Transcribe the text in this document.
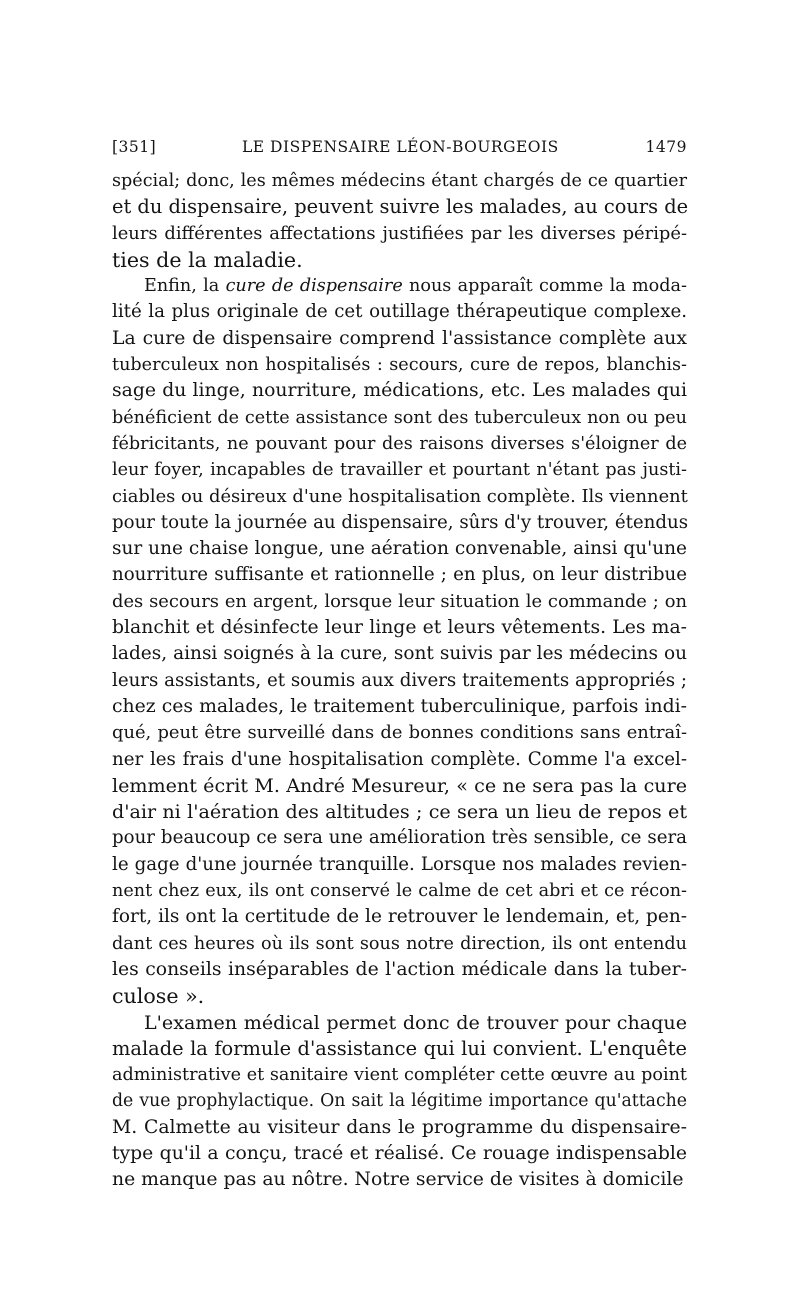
[351]	LE DISPENSAIRE LÉON-BOURGEOIS	1479
spécial; donc, les mêmes médecins étant chargés de ce quartier
et du dispensaire, peuvent suivre les malades, au cours de
leurs différentes affectations justifiées par les diverses péripé-
ties de la maladie.
Enfin, la cure de dispensaire nous apparaît comme la moda-
lité la plus originale de cet outillage thérapeutique complexe.
La cure de dispensaire comprend l'assistance complète aux
tuberculeux non hospitalisés : secours, cure de repos, blanchis-
sage du linge, nourriture, médications, etc. Les malades qui
bénéficient de cette assistance sont des tuberculeux non ou peu
fébricitants, ne pouvant pour des raisons diverses s'éloigner de
leur foyer, incapables de travailler et pourtant n'étant pas justi-
ciables ou désireux d'une hospitalisation complète. Ils viennent
pour toute la journée au dispensaire, sûrs d'y trouver, étendus
sur une chaise longue, une aération convenable, ainsi qu'une
nourriture suffisante et rationnelle ; en plus, on leur distribue
des secours en argent, lorsque leur situation le commande ; on
blanchit et désinfecte leur linge et leurs vêtements. Les ma-
lades, ainsi soignés à la cure, sont suivis par les médecins ou
leurs assistants, et soumis aux divers traitements appropriés ;
chez ces malades, le traitement tuberculinique, parfois indi-
qué, peut être surveillé dans de bonnes conditions sans entraî-
ner les frais d'une hospitalisation complète. Comme l'a excel-
lemment écrit M. André Mesureur, « ce ne sera pas la cure
d'air ni l'aération des altitudes ; ce sera un lieu de repos et
pour beaucoup ce sera une amélioration très sensible, ce sera
le gage d'une journée tranquille. Lorsque nos malades revien-
nent chez eux, ils ont conservé le calme de cet abri et ce récon-
fort, ils ont la certitude de le retrouver le lendemain, et, pen-
dant ces heures où ils sont sous notre direction, ils ont entendu
les conseils inséparables de l'action médicale dans la tuber-
culose ».
L'examen médical permet donc de trouver pour chaque
malade la formule d'assistance qui lui convient. L'enquête
administrative et sanitaire vient compléter cette œuvre au point
de vue prophylactique. On sait la légitime importance qu'attache
M. Calmette au visiteur dans le programme du dispensaire-
type qu'il a conçu, tracé et réalisé. Ce rouage indispensable
ne manque pas au nôtre. Notre service de visites à domicile
